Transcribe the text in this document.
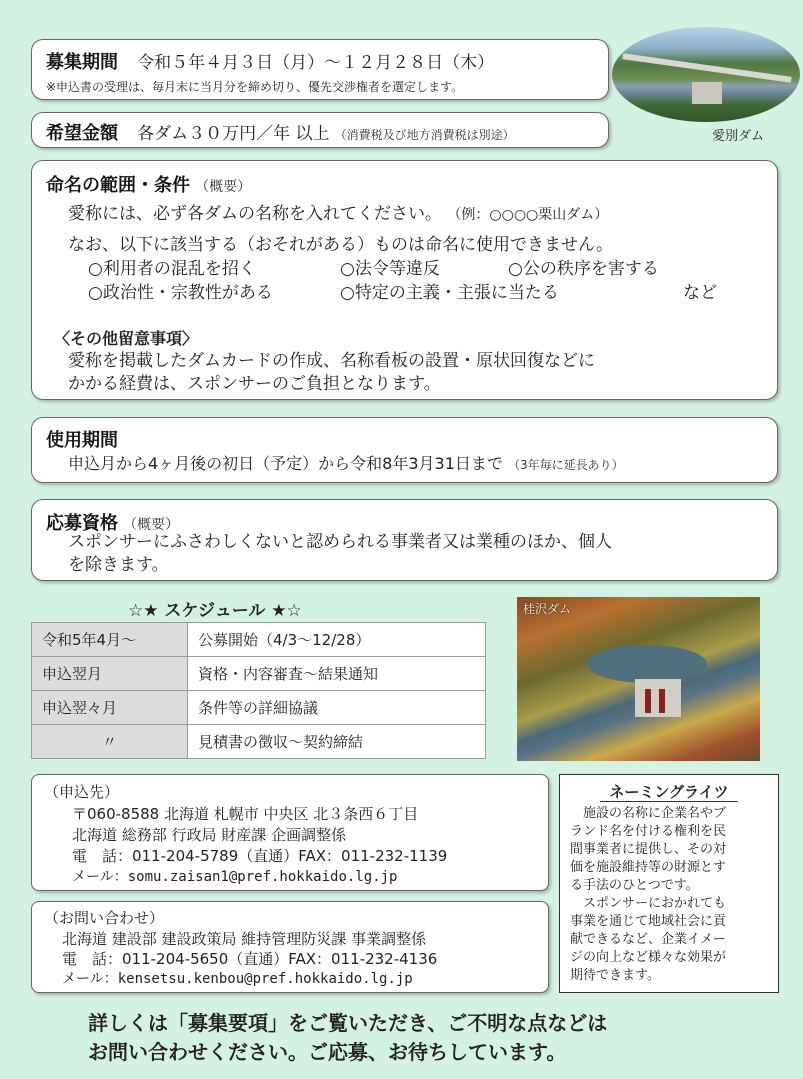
募集期間 令和５年４月３日（月）～１２月２８日（木）
※申込書の受理は、毎月末に当月分を締め切り、優先交渉権者を選定します。
愛別ダム
希望金額 各ダム３０万円／年 以上 （消費税及び地方消費税は別途）
命名の範囲・条件 （概要）
愛称には、必ず各ダムの名称を入れてください。 （例：○○○○栗山ダム）
なお、以下に該当する（おそれがある）ものは命名に使用できません。
○利用者の混乱を招く	○法令等違反	○公の秩序を害する
○政治性・宗教性がある	○特定の主義・主張に当たる	など
〈その他留意事項〉
愛称を掲載したダムカードの作成、名称看板の設置・原状回復などに
かかる経費は、スポンサーのご負担となります。
使用期間
申込月から4ヶ月後の初日（予定）から令和8年3月31日まで （3年毎に延長あり）
応募資格 （概要）
スポンサーにふさわしくないと認められる事業者又は業種のほか、個人
を除きます。
☆★ スケジュール ★☆
令和5年4月～	公募開始（4/3～12/28）
申込翌月	資格・内容審査～結果通知
申込翌々月	条件等の詳細協議
〃	見積書の徴収～契約締結
桂沢ダム
（申込先）
〒060-8588 北海道 札幌市 中央区 北３条西６丁目
北海道 総務部 行政局 財産課 企画調整係
電　話：011-204-5789（直通）FAX：011-232-1139
メール：somu.zaisan1@pref.hokkaido.lg.jp
（お問い合わせ）
北海道 建設部 建設政策局 維持管理防災課 事業調整係
電　話：011-204-5650（直通）FAX：011-232-4136
メール：kensetsu.kenbou@pref.hokkaido.lg.jp
ネーミングライツ
　施設の名称に企業名やブ
ランド名を付ける権利を民
間事業者に提供し、その対
価を施設維持等の財源とす
る手法のひとつです。
　スポンサーにおかれても
事業を通じて地域社会に貢
献できるなど、企業イメー
ジの向上など様々な効果が
期待できます。
詳しくは「募集要項」をご覧いただき、ご不明な点などは
お問い合わせください。ご応募、お待ちしています。
